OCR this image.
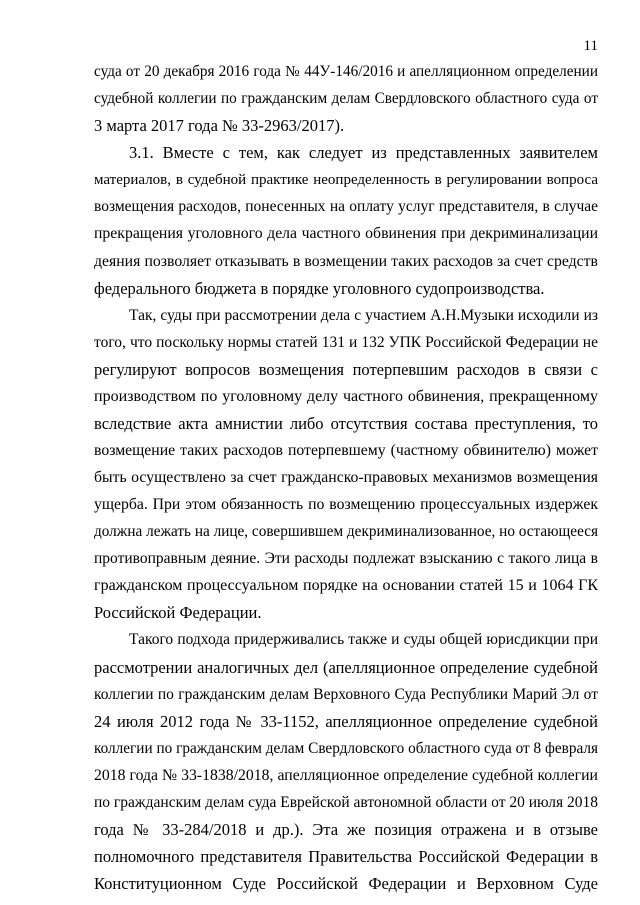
11
суда от 20 декабря 2016 года № 44У-146/2016 и апелляционном определении
судебной коллегии по гражданским делам Свердловского областного суда от
3 марта 2017 года № 33-2963/2017).
3.1. Вместе с тем, как следует из представленных заявителем
материалов, в судебной практике неопределенность в регулировании вопроса
возмещения расходов, понесенных на оплату услуг представителя, в случае
прекращения уголовного дела частного обвинения при декриминализации
деяния позволяет отказывать в возмещении таких расходов за счет средств
федерального бюджета в порядке уголовного судопроизводства.
Так, суды при рассмотрении дела с участием А.Н.Музыки исходили из
того, что поскольку нормы статей 131 и 132 УПК Российской Федерации не
регулируют вопросов возмещения потерпевшим расходов в связи с
производством по уголовному делу частного обвинения, прекращенному
вследствие акта амнистии либо отсутствия состава преступления, то
возмещение таких расходов потерпевшему (частному обвинителю) может
быть осуществлено за счет гражданско-правовых механизмов возмещения
ущерба. При этом обязанность по возмещению процессуальных издержек
должна лежать на лице, совершившем декриминализованное, но остающееся
противоправным деяние. Эти расходы подлежат взысканию с такого лица в
гражданском процессуальном порядке на основании статей 15 и 1064 ГК
Российской Федерации.
Такого подхода придерживались также и суды общей юрисдикции при
рассмотрении аналогичных дел (апелляционное определение судебной
коллегии по гражданским делам Верховного Суда Республики Марий Эл от
24 июля 2012 года № 33-1152, апелляционное определение судебной
коллегии по гражданским делам Свердловского областного суда от 8 февраля
2018 года № 33-1838/2018, апелляционное определение судебной коллегии
по гражданским делам суда Еврейской автономной области от 20 июля 2018
года № 33-284/2018 и др.). Эта же позиция отражена и в отзыве
полномочного представителя Правительства Российской Федерации в
Конституционном Суде Российской Федерации и Верховном Суде
